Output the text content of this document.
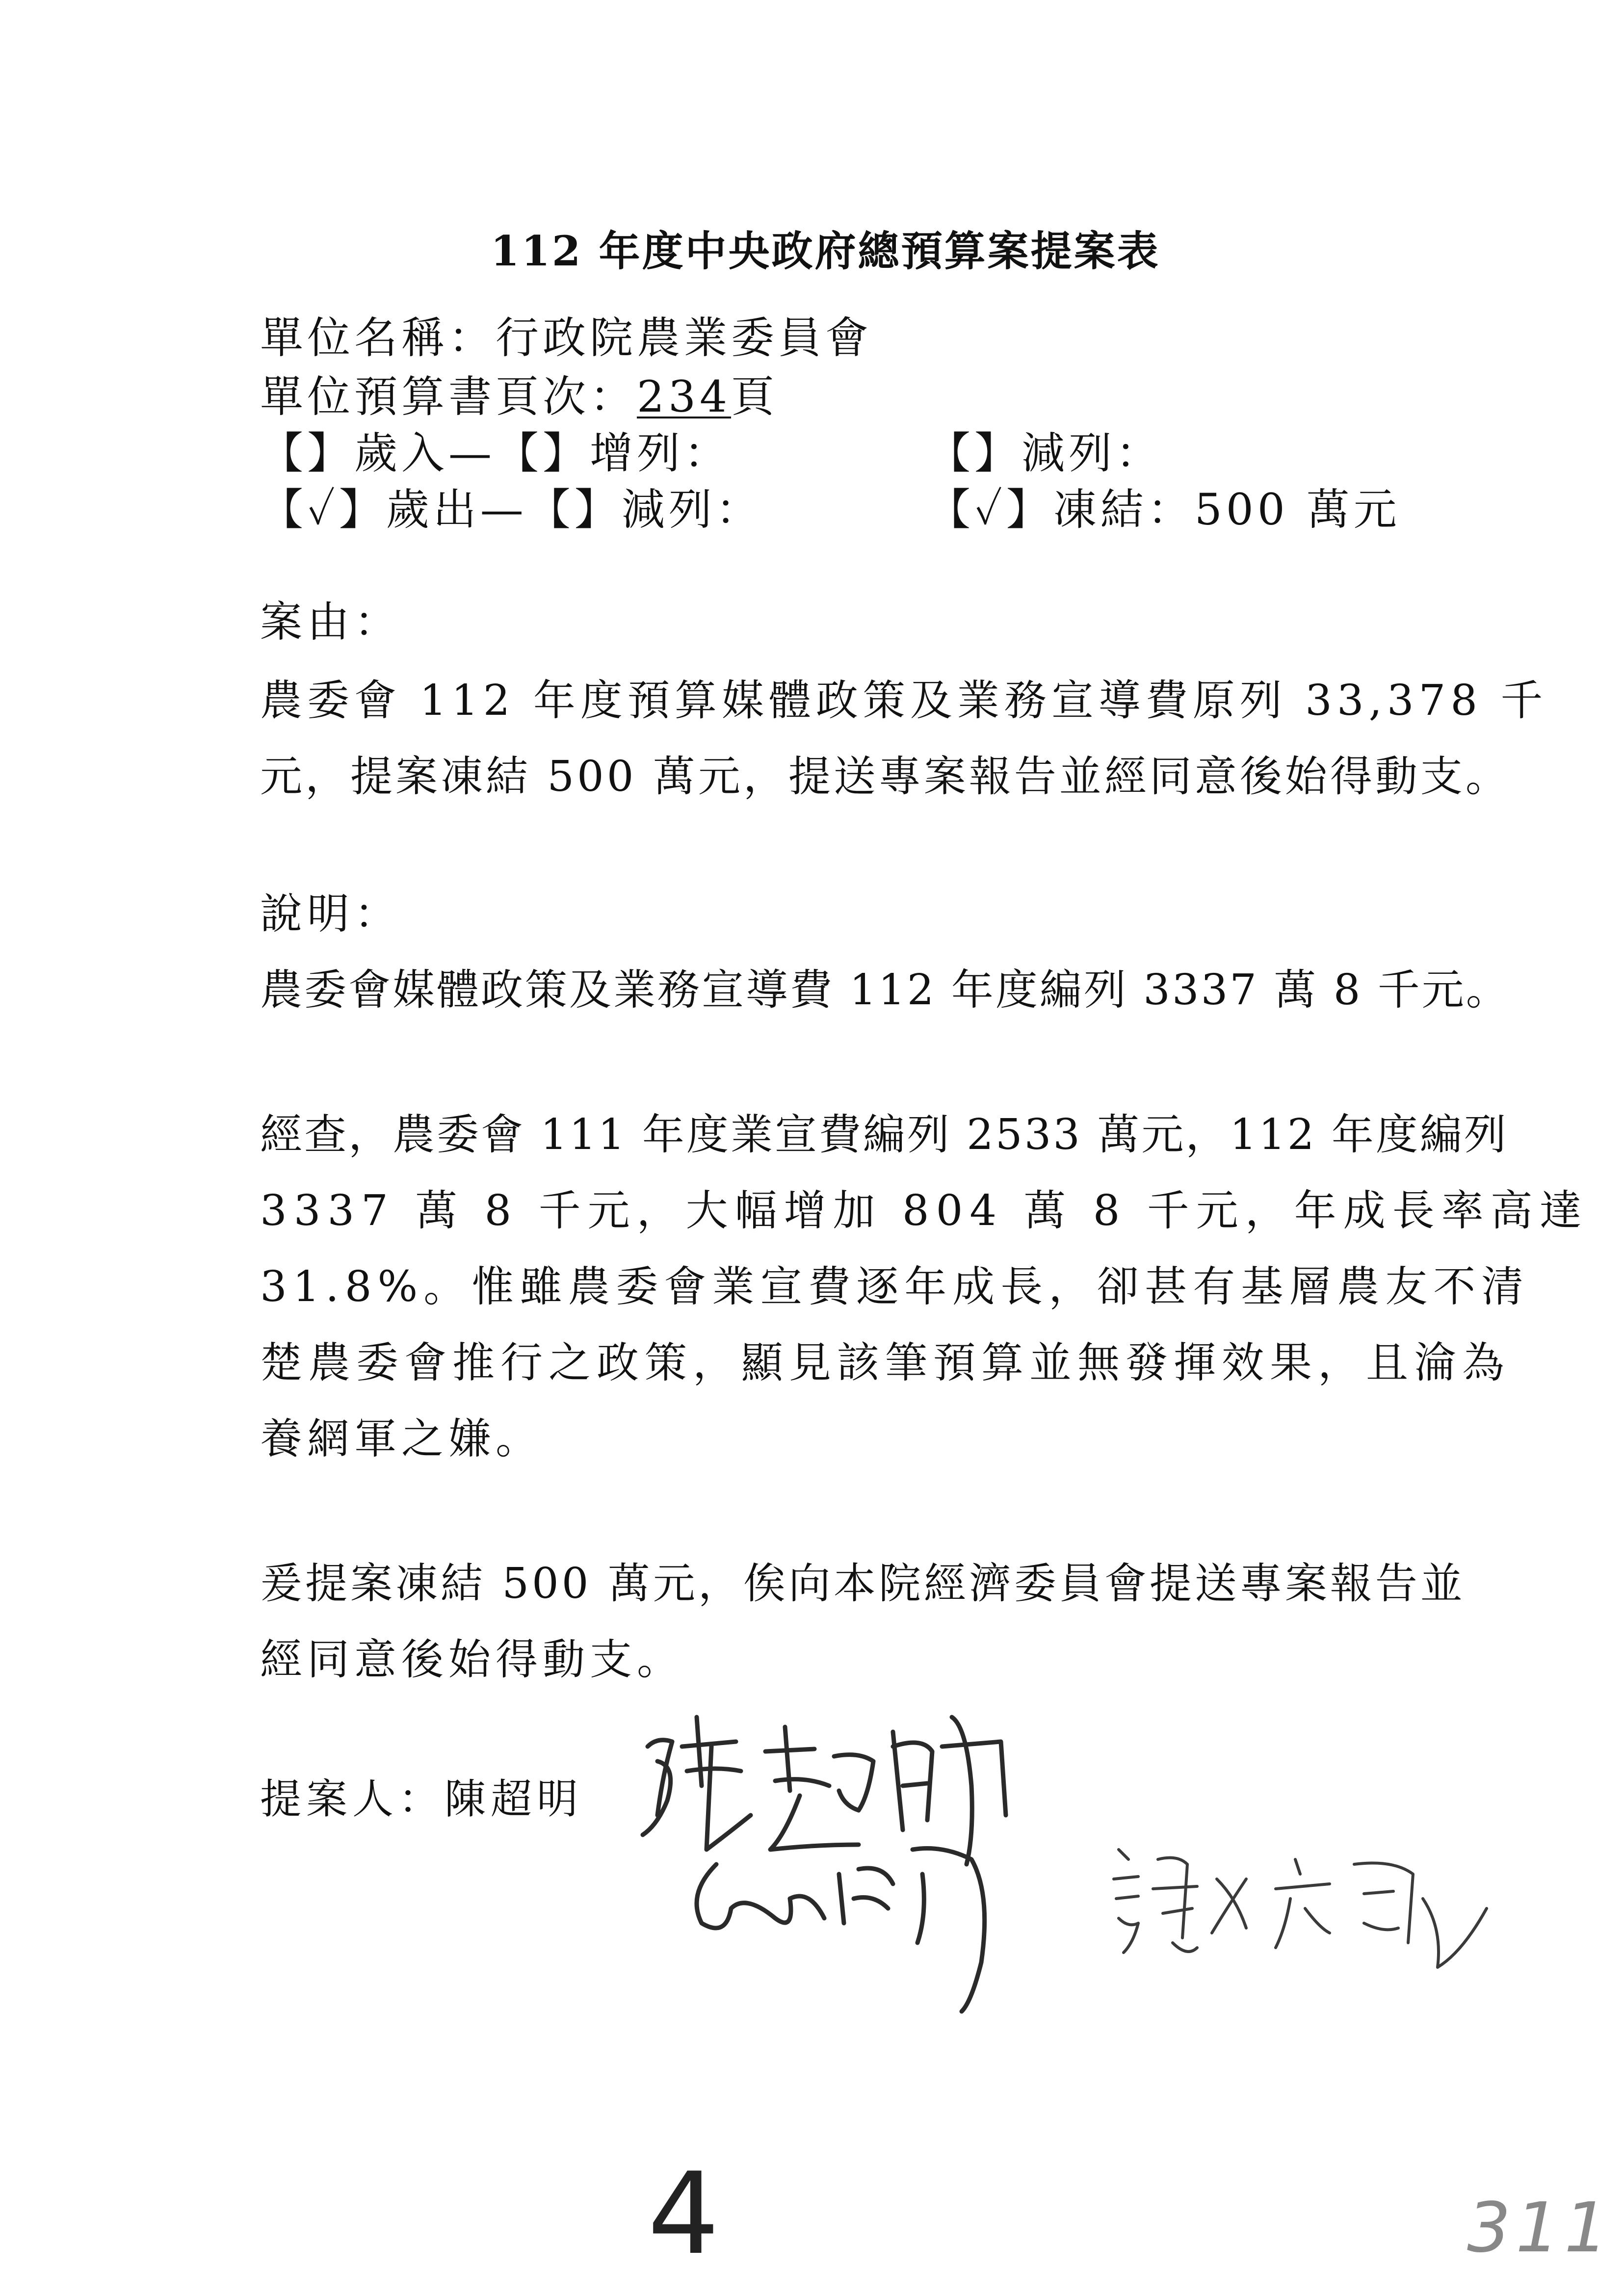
112 年度中央政府總預算案提案表
單位名稱：行政院農業委員會
單位預算書頁次：234頁
【】歲入—【】增列：	【】減列：
【✓】歲出—【】減列：	【✓】凍結：500 萬元
案由：
農委會 112 年度預算媒體政策及業務宣導費原列 33,378 千
元，提案凍結 500 萬元，提送專案報告並經同意後始得動支。
說明：
農委會媒體政策及業務宣導費 112 年度編列 3337 萬 8 千元。
經查，農委會 111 年度業宣費編列 2533 萬元，112 年度編列
3337 萬 8 千元，大幅增加 804 萬 8 千元，年成長率高達
31.8%。惟雖農委會業宣費逐年成長，卻甚有基層農友不清
楚農委會推行之政策，顯見該筆預算並無發揮效果，且淪為
養網軍之嫌。
爰提案凍結 500 萬元，俟向本院經濟委員會提送專案報告並
經同意後始得動支。
提案人：陳超明
4	311
